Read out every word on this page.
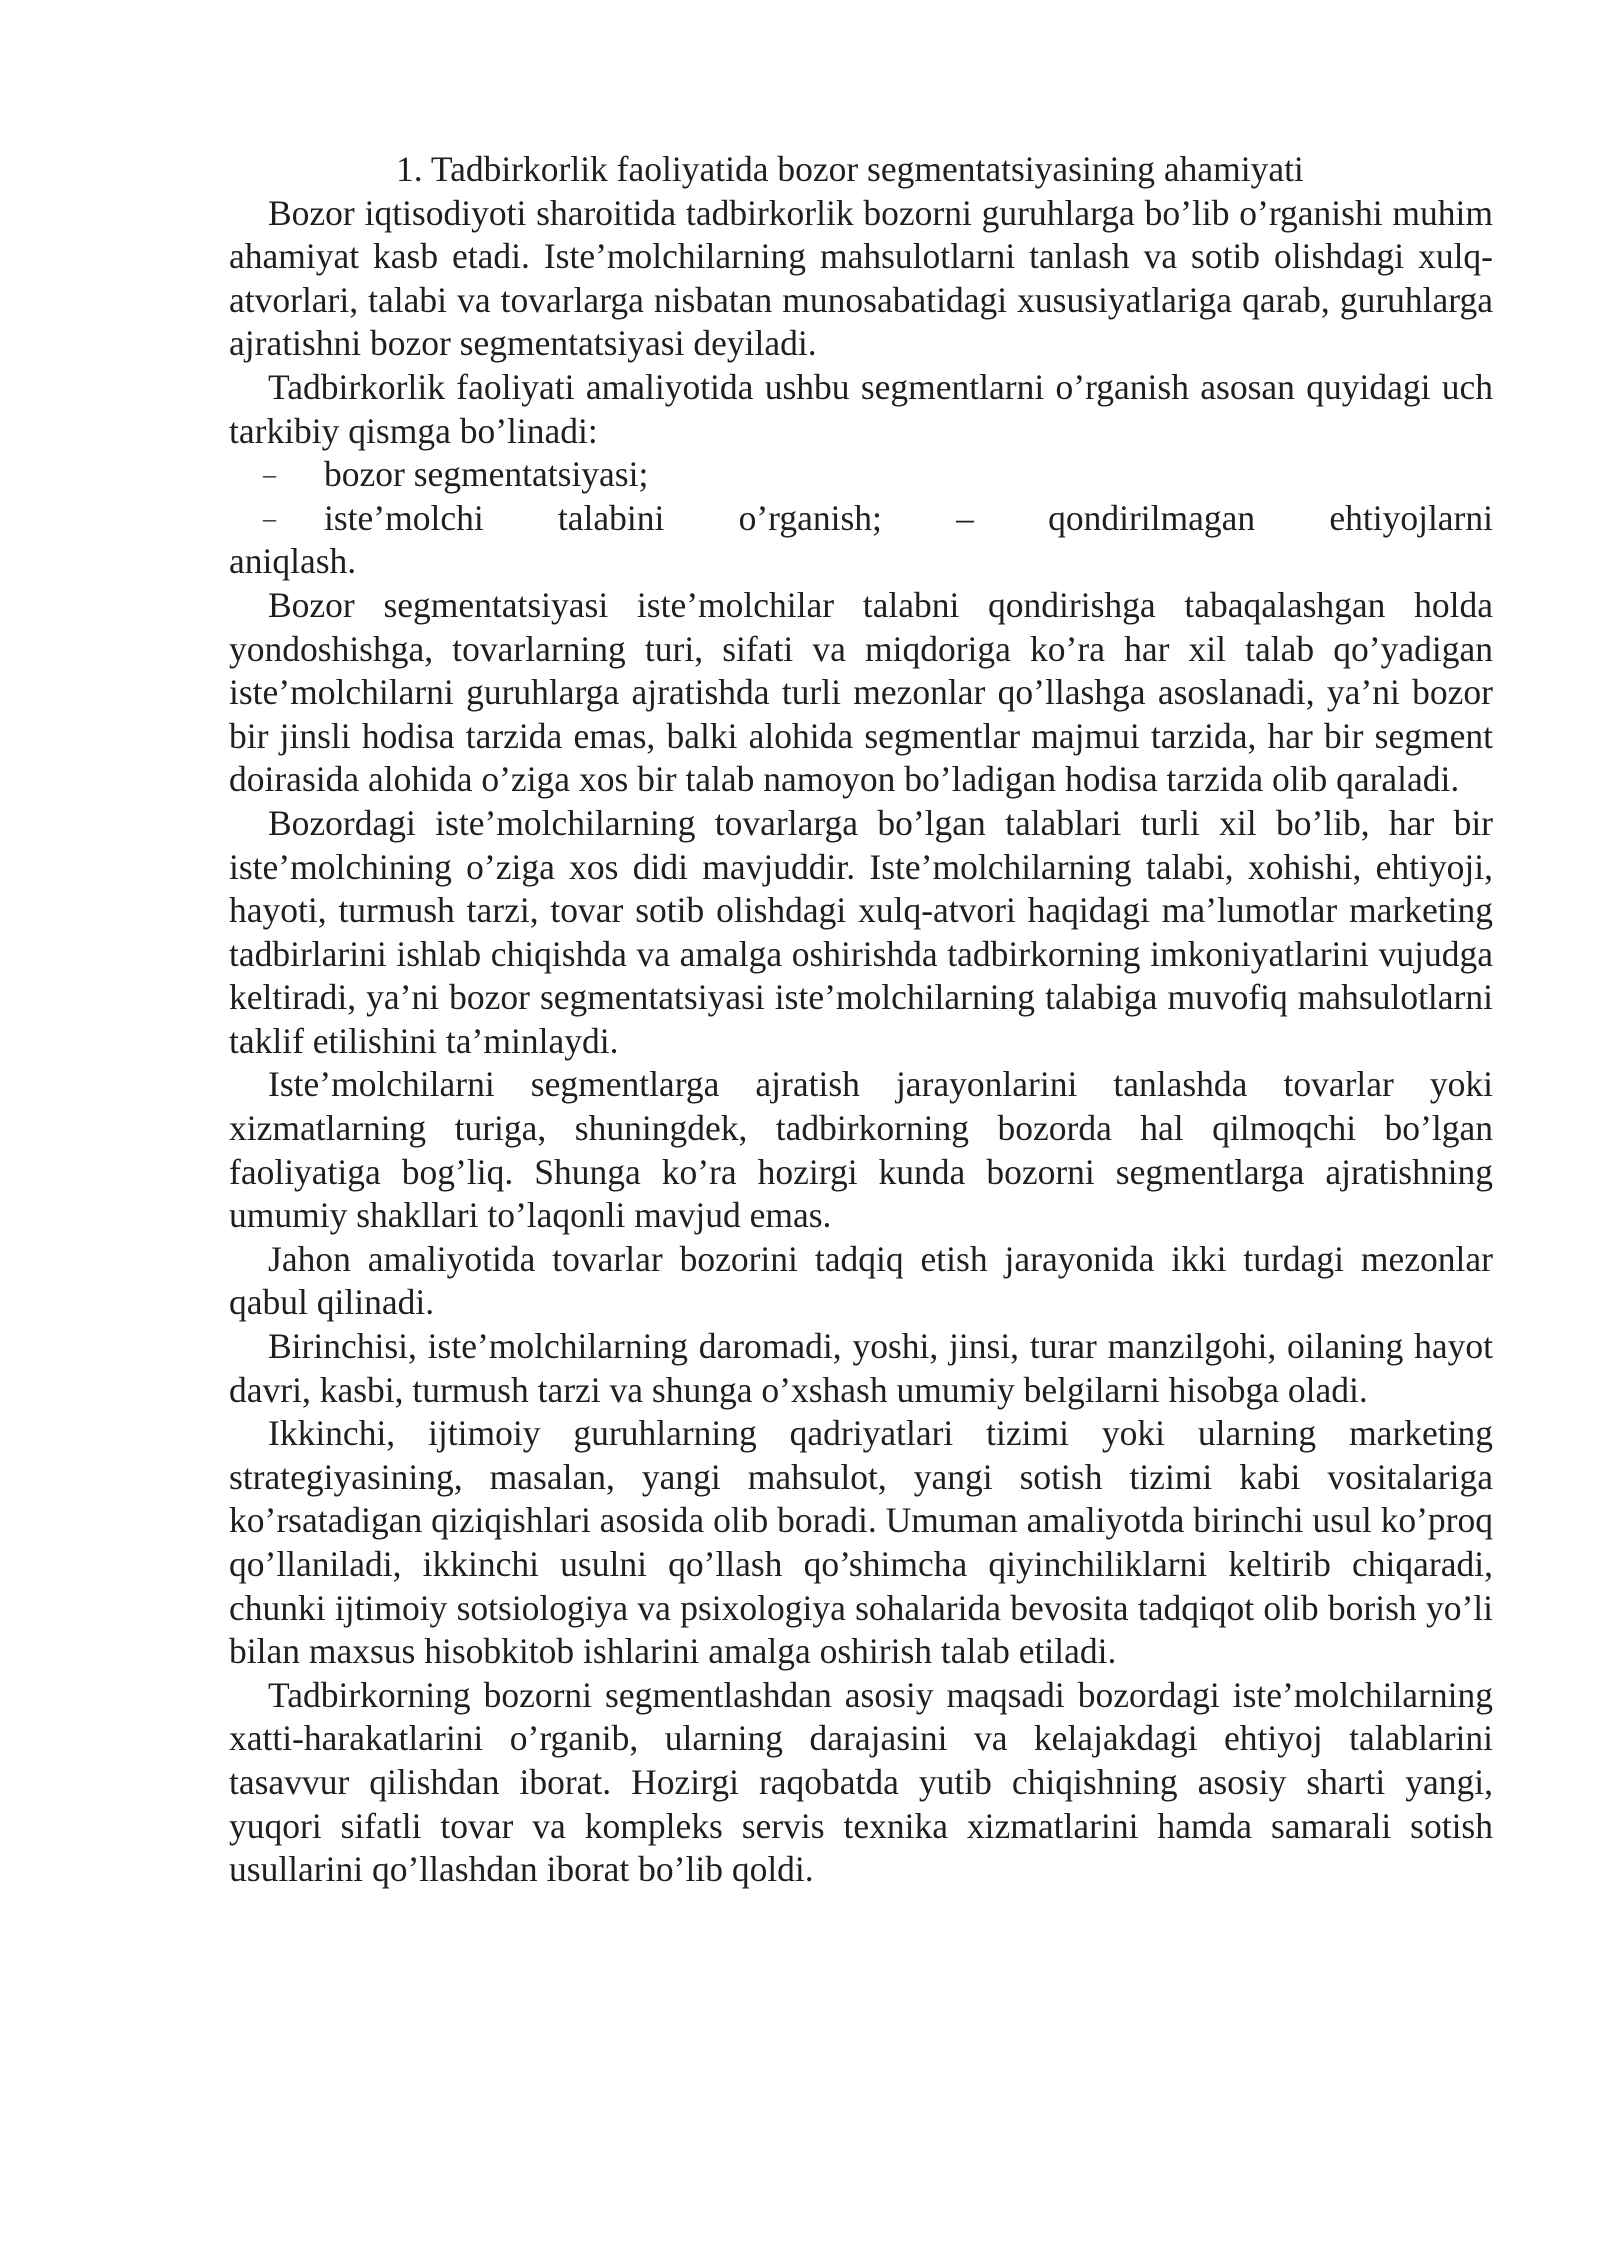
1. Tadbirkorlik faoliyatida bozor segmentatsiyasining ahamiyati

Bozor iqtisodiyoti sharoitida tadbirkorlik bozorni guruhlarga bo’lib o’rganishi muhim ahamiyat kasb etadi. Iste’molchilarning mahsulotlarni tanlash va sotib olishdagi xulq-atvorlari, talabi va tovarlarga nisbatan munosabatidagi xususiyatlariga qarab, guruhlarga ajratishni bozor segmentatsiyasi deyiladi.

Tadbirkorlik faoliyati amaliyotida ushbu segmentlarni o’rganish asosan quyidagi uch tarkibiy qismga bo’linadi:

– bozor segmentatsiyasi;
– iste’molchi talabini o’rganish; – qondirilmagan ehtiyojlarni

aniqlash.

Bozor segmentatsiyasi iste’molchilar talabni qondirishga tabaqalashgan holda yondoshishga, tovarlarning turi, sifati va miqdoriga ko’ra har xil talab qo’yadigan iste’molchilarni guruhlarga ajratishda turli mezonlar qo’llashga asoslanadi, ya’ni bozor bir jinsli hodisa tarzida emas, balki alohida segmentlar majmui tarzida, har bir segment doirasida alohida o’ziga xos bir talab namoyon bo’ladigan hodisa tarzida olib qaraladi.

Bozordagi iste’molchilarning tovarlarga bo’lgan talablari turli xil bo’lib, har bir iste’molchining o’ziga xos didi mavjuddir. Iste’molchilarning talabi, xohishi, ehtiyoji, hayoti, turmush tarzi, tovar sotib olishdagi xulq-atvori haqidagi ma’lumotlar marketing tadbirlarini ishlab chiqishda va amalga oshirishda tadbirkorning imkoniyatlarini vujudga keltiradi, ya’ni bozor segmentatsiyasi iste’molchilarning talabiga muvofiq mahsulotlarni taklif etilishini ta’minlaydi.

Iste’molchilarni segmentlarga ajratish jarayonlarini tanlashda tovarlar yoki xizmatlarning turiga, shuningdek, tadbirkorning bozorda hal qilmoqchi bo’lgan faoliyatiga bog’liq. Shunga ko’ra hozirgi kunda bozorni segmentlarga ajratishning umumiy shakllari to’laqonli mavjud emas.

Jahon amaliyotida tovarlar bozorini tadqiq etish jarayonida ikki turdagi mezonlar qabul qilinadi.

Birinchisi, iste’molchilarning daromadi, yoshi, jinsi, turar manzilgohi, oilaning hayot davri, kasbi, turmush tarzi va shunga o’xshash umumiy belgilarni hisobga oladi.

Ikkinchi, ijtimoiy guruhlarning qadriyatlari tizimi yoki ularning marketing strategiyasining, masalan, yangi mahsulot, yangi sotish tizimi kabi vositalariga ko’rsatadigan qiziqishlari asosida olib boradi. Umuman amaliyotda birinchi usul ko’proq qo’llaniladi, ikkinchi usulni qo’llash qo’shimcha qiyinchiliklarni keltirib chiqaradi, chunki ijtimoiy sotsiologiya va psixologiya sohalarida bevosita tadqiqot olib borish yo’li bilan maxsus hisobkitob ishlarini amalga oshirish talab etiladi.

Tadbirkorning bozorni segmentlashdan asosiy maqsadi bozordagi iste’molchilarning xatti-harakatlarini o’rganib, ularning darajasini va kelajakdagi ehtiyoj talablarini tasavvur qilishdan iborat. Hozirgi raqobatda yutib chiqishning asosiy sharti yangi, yuqori sifatli tovar va kompleks servis texnika xizmatlarini hamda samarali sotish usullarini qo’llashdan iborat bo’lib qoldi.
